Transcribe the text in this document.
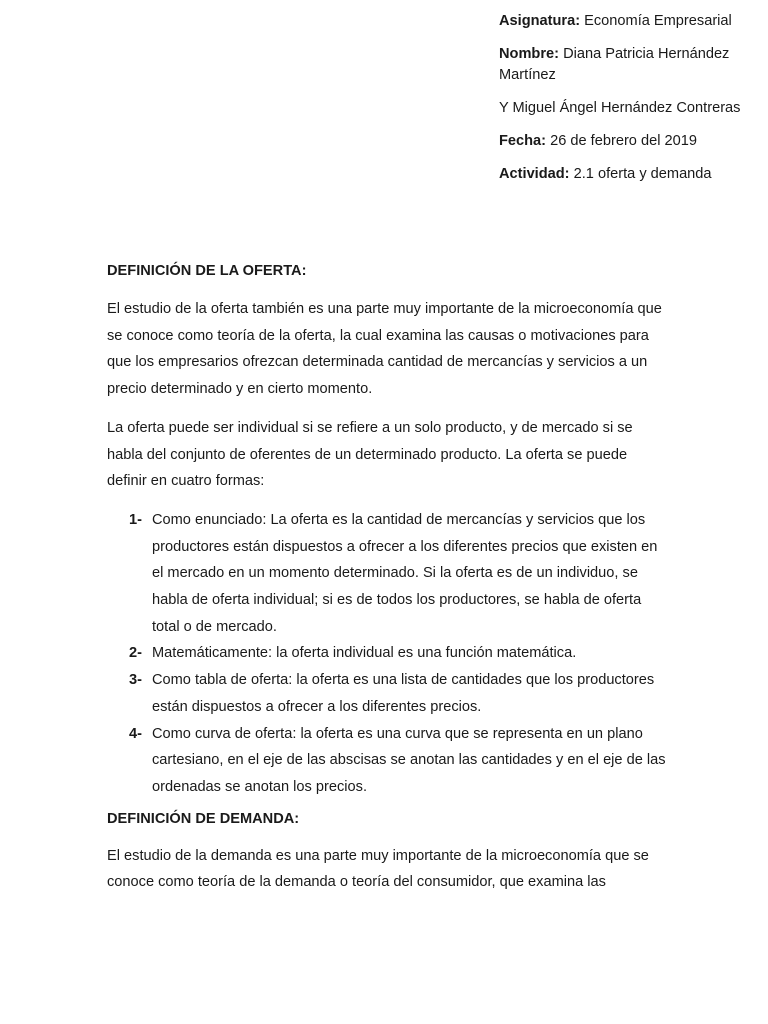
Asignatura: Economía Empresarial

Nombre: Diana Patricia Hernández Martínez

Y Miguel Ángel Hernández Contreras

Fecha: 26 de febrero del 2019

Actividad: 2.1 oferta y demanda

DEFINICIÓN DE LA OFERTA:

El estudio de la oferta también es una parte muy importante de la microeconomía que se conoce como teoría de la oferta, la cual examina las causas o motivaciones para que los empresarios ofrezcan determinada cantidad de mercancías y servicios a un precio determinado y en cierto momento.

La oferta puede ser individual si se refiere a un solo producto, y de mercado si se habla del conjunto de oferentes de un determinado producto. La oferta se puede definir en cuatro formas:

1- Como enunciado: La oferta es la cantidad de mercancías y servicios que los productores están dispuestos a ofrecer a los diferentes precios que existen en el mercado en un momento determinado. Si la oferta es de un individuo, se habla de oferta individual; si es de todos los productores, se habla de oferta total o de mercado.
2- Matemáticamente: la oferta individual es una función matemática.
3- Como tabla de oferta: la oferta es una lista de cantidades que los productores están dispuestos a ofrecer a los diferentes precios.
4- Como curva de oferta: la oferta es una curva que se representa en un plano cartesiano, en el eje de las abscisas se anotan las cantidades y en el eje de las ordenadas se anotan los precios.
DEFINICIÓN DE DEMANDA:

El estudio de la demanda es una parte muy importante de la microeconomía que se conoce como teoría de la demanda o teoría del consumidor, que examina las
